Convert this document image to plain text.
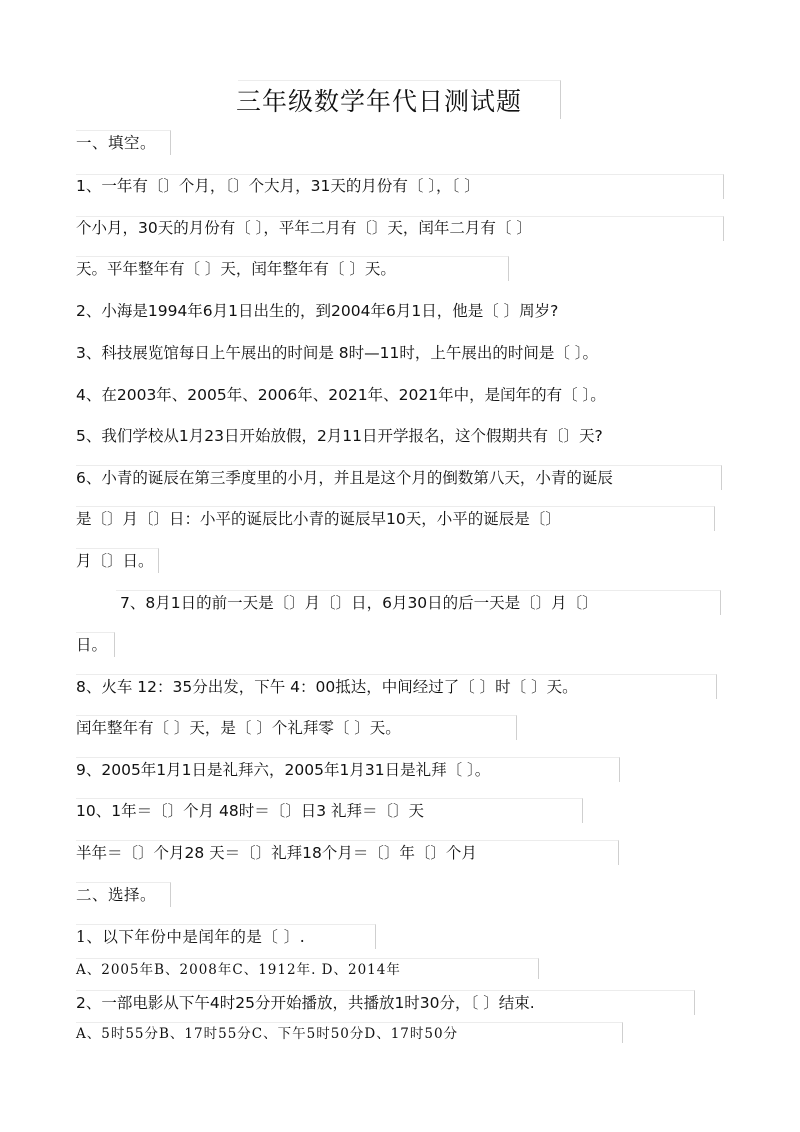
三年级数学年代日测试题
一、填空。
1、一年有〔〕个月，〔〕个大月，31天的月份有〔 〕，〔 〕
个小月，30天的月份有〔 〕，平年二月有〔〕天，闰年二月有〔 〕
天。平年整年有〔 〕天，闰年整年有〔 〕天。
2、小海是1994年6月1日出生的，到2004年6月1日，他是〔 〕周岁?
3、科技展览馆每日上午展出的时间是 8时—11时，上午展出的时间是〔 〕。
4、在2003年、2005年、2006年、2021年、2021年中，是闰年的有〔 〕。
5、我们学校从1月23日开始放假，2月11日开学报名，这个假期共有〔〕天?
6、小青的诞辰在第三季度里的小月，并且是这个月的倒数第八天，小青的诞辰
是〔〕月〔〕日：小平的诞辰比小青的诞辰早10天，小平的诞辰是〔〕
月〔〕日。
7、8月1日的前一天是〔〕月〔〕日，6月30日的后一天是〔〕月〔〕
日。
8、火车 12：35分出发，下午 4：00抵达，中间经过了〔 〕时〔 〕天。
闰年整年有〔 〕天，是〔 〕个礼拜零〔 〕天。
9、2005年1月1日是礼拜六，2005年1月31日是礼拜〔 〕。
10、1年＝〔〕个月 48时＝〔〕日3 礼拜＝〔〕天
半年＝〔〕个月28 天＝〔〕礼拜18个月＝〔〕年〔〕个月
二、选择。
1、以下年份中是闰年的是〔 〕.
A、2005年B、2008年C、1912年. D、2014年
2、一部电影从下午4时25分开始播放，共播放1时30分，〔 〕结束.
A、5时55分B、17时55分C、下午5时50分D、17时50分
